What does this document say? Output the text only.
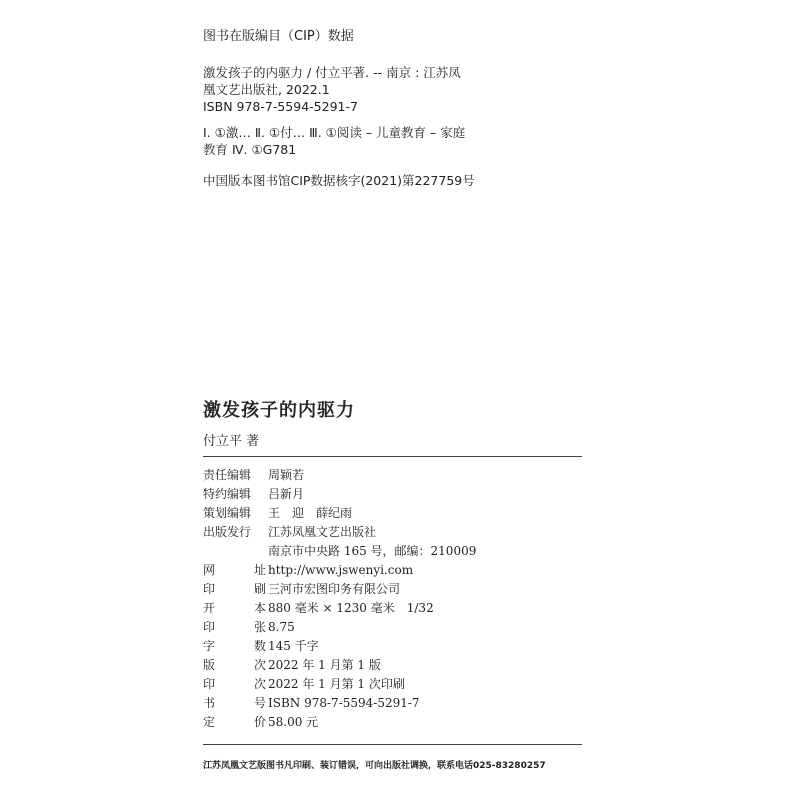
图书在版编目（CIP）数据
激发孩子的内驱力 / 付立平著. -- 南京 : 江苏凤
凰文艺出版社, 2022.1
ISBN 978-7-5594-5291-7
Ⅰ. ①激… Ⅱ. ①付… Ⅲ. ①阅读 – 儿童教育 – 家庭
教育 Ⅳ. ①G781
中国版本图书馆CIP数据核字(2021)第227759号
激发孩子的内驱力
付立平 著
责任编辑	周颖若
特约编辑	吕新月
策划编辑	王　迎　薛纪雨
出版发行	江苏凤凰文艺出版社
南京市中央路 165 号，邮编：210009
网	址 http://www.jswenyi.com
印	刷 三河市宏图印务有限公司
开	本 880 毫米 × 1230 毫米　1/32
印	张 8.75
字	数 145 千字
版	次 2022 年 1 月第 1 版
印	次 2022 年 1 月第 1 次印刷
书	号 ISBN 978-7-5594-5291-7
定	价 58.00 元
江苏凤凰文艺版图书凡印刷、装订错误，可向出版社调换，联系电话025-83280257
